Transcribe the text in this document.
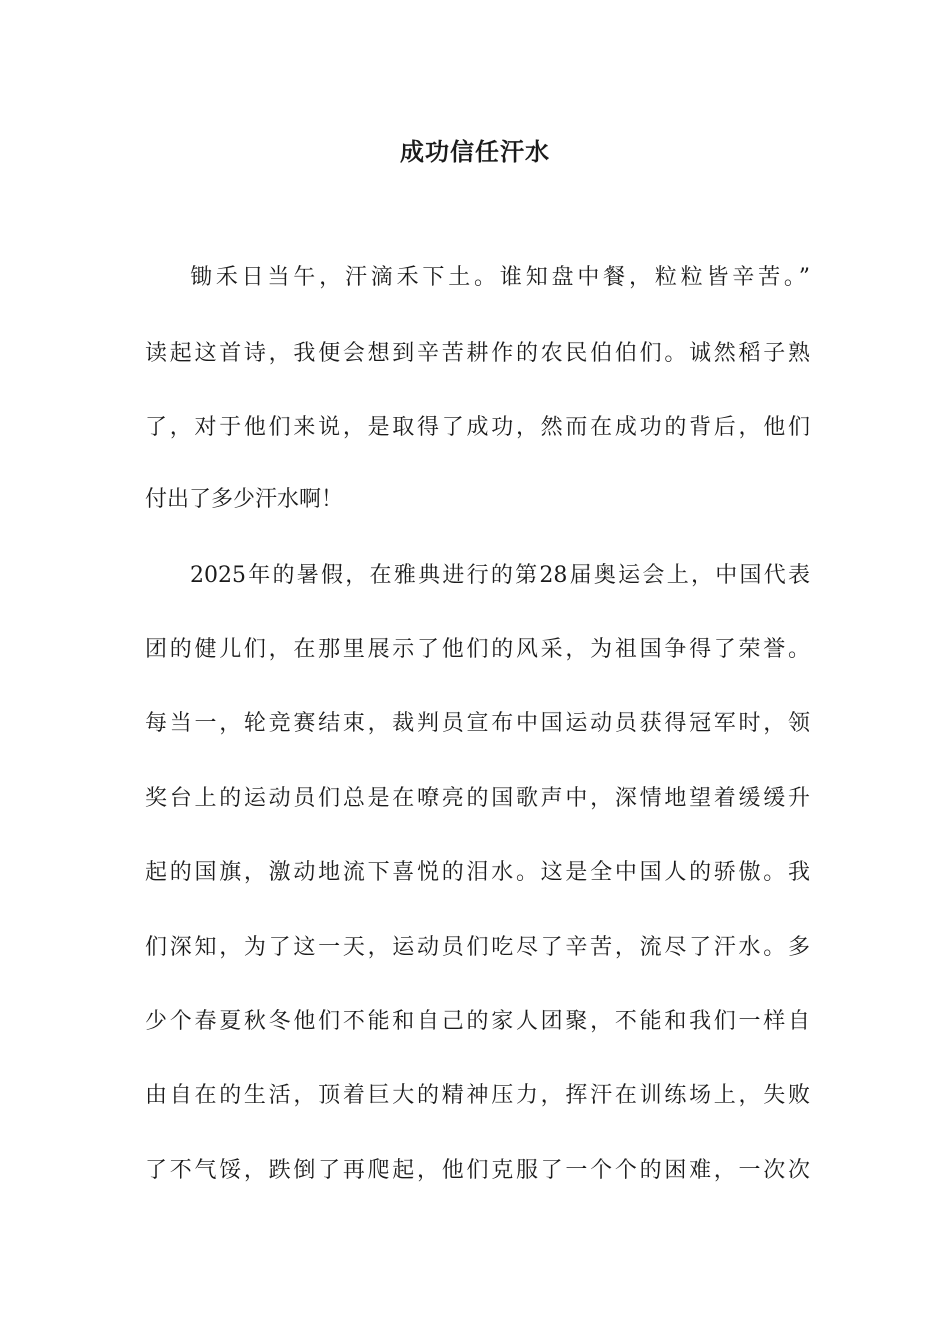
成功信任汗水
锄禾日当午，汗滴禾下土。谁知盘中餐，粒粒皆辛苦。”
读起这首诗，我便会想到辛苦耕作的农民伯伯们。诚然稻子熟
了，对于他们来说，是取得了成功，然而在成功的背后，他们
付出了多少汗水啊！
2025年的暑假，在雅典进行的第28届奥运会上，中国代表
团的健儿们，在那里展示了他们的风采，为祖国争得了荣誉。
每当一，轮竞赛结束，裁判员宣布中国运动员获得冠军时，领
奖台上的运动员们总是在嘹亮的国歌声中，深情地望着缓缓升
起的国旗，激动地流下喜悦的泪水。这是全中国人的骄傲。我
们深知，为了这一天，运动员们吃尽了辛苦，流尽了汗水。多
少个春夏秋冬他们不能和自己的家人团聚，不能和我们一样自
由自在的生活，顶着巨大的精神压力，挥汗在训练场上，失败
了不气馁，跌倒了再爬起，他们克服了一个个的困难，一次次
